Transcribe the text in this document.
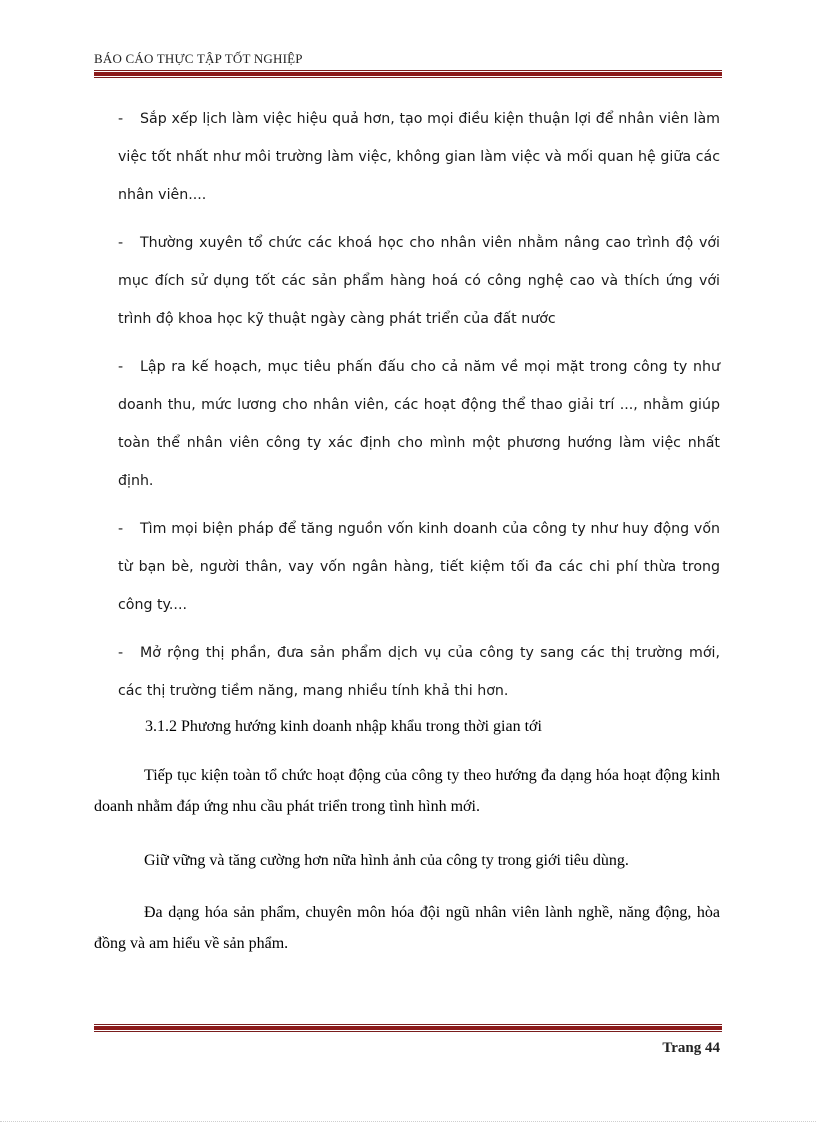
BÁO CÁO THỰC TẬP TỐT NGHIỆP

- Sắp xếp lịch làm việc hiệu quả hơn, tạo mọi điều kiện thuận lợi để nhân viên làm việc tốt nhất như môi trường làm việc, không gian làm việc và mối quan hệ giữa các nhân viên....

- Thường xuyên tổ chức các khoá học cho nhân viên nhằm nâng cao trình độ với mục đích sử dụng tốt các sản phẩm hàng hoá có công nghệ cao và thích ứng với trình độ khoa học kỹ thuật ngày càng phát triển của đất nước

- Lập ra kế hoạch, mục tiêu phấn đấu cho cả năm về mọi mặt trong công ty như doanh thu, mức lương cho nhân viên, các hoạt động thể thao giải trí ..., nhằm giúp toàn thể nhân viên công ty xác định cho mình một phương hướng làm việc nhất định.

- Tìm mọi biện pháp để tăng nguồn vốn kinh doanh của công ty như huy động vốn từ bạn bè, người thân, vay vốn ngân hàng, tiết kiệm tối đa các chi phí thừa trong công ty....

- Mở rộng thị phần, đưa sản phẩm dịch vụ của công ty sang các thị trường mới, các thị trường tiềm năng, mang nhiều tính khả thi hơn.

3.1.2 Phương hướng kinh doanh nhập khẩu trong thời gian tới
Tiếp tục kiện toàn tổ chức hoạt động của công ty theo hướng đa dạng hóa hoạt động kinh doanh nhằm đáp ứng nhu cầu phát triển trong tình hình mới.
Giữ vững và tăng cường hơn nữa hình ảnh của công ty trong giới tiêu dùng.
Đa dạng hóa sản phẩm, chuyên môn hóa đội ngũ nhân viên lành nghề, năng động, hòa đồng và am hiểu về sản phẩm.
Trang 44
